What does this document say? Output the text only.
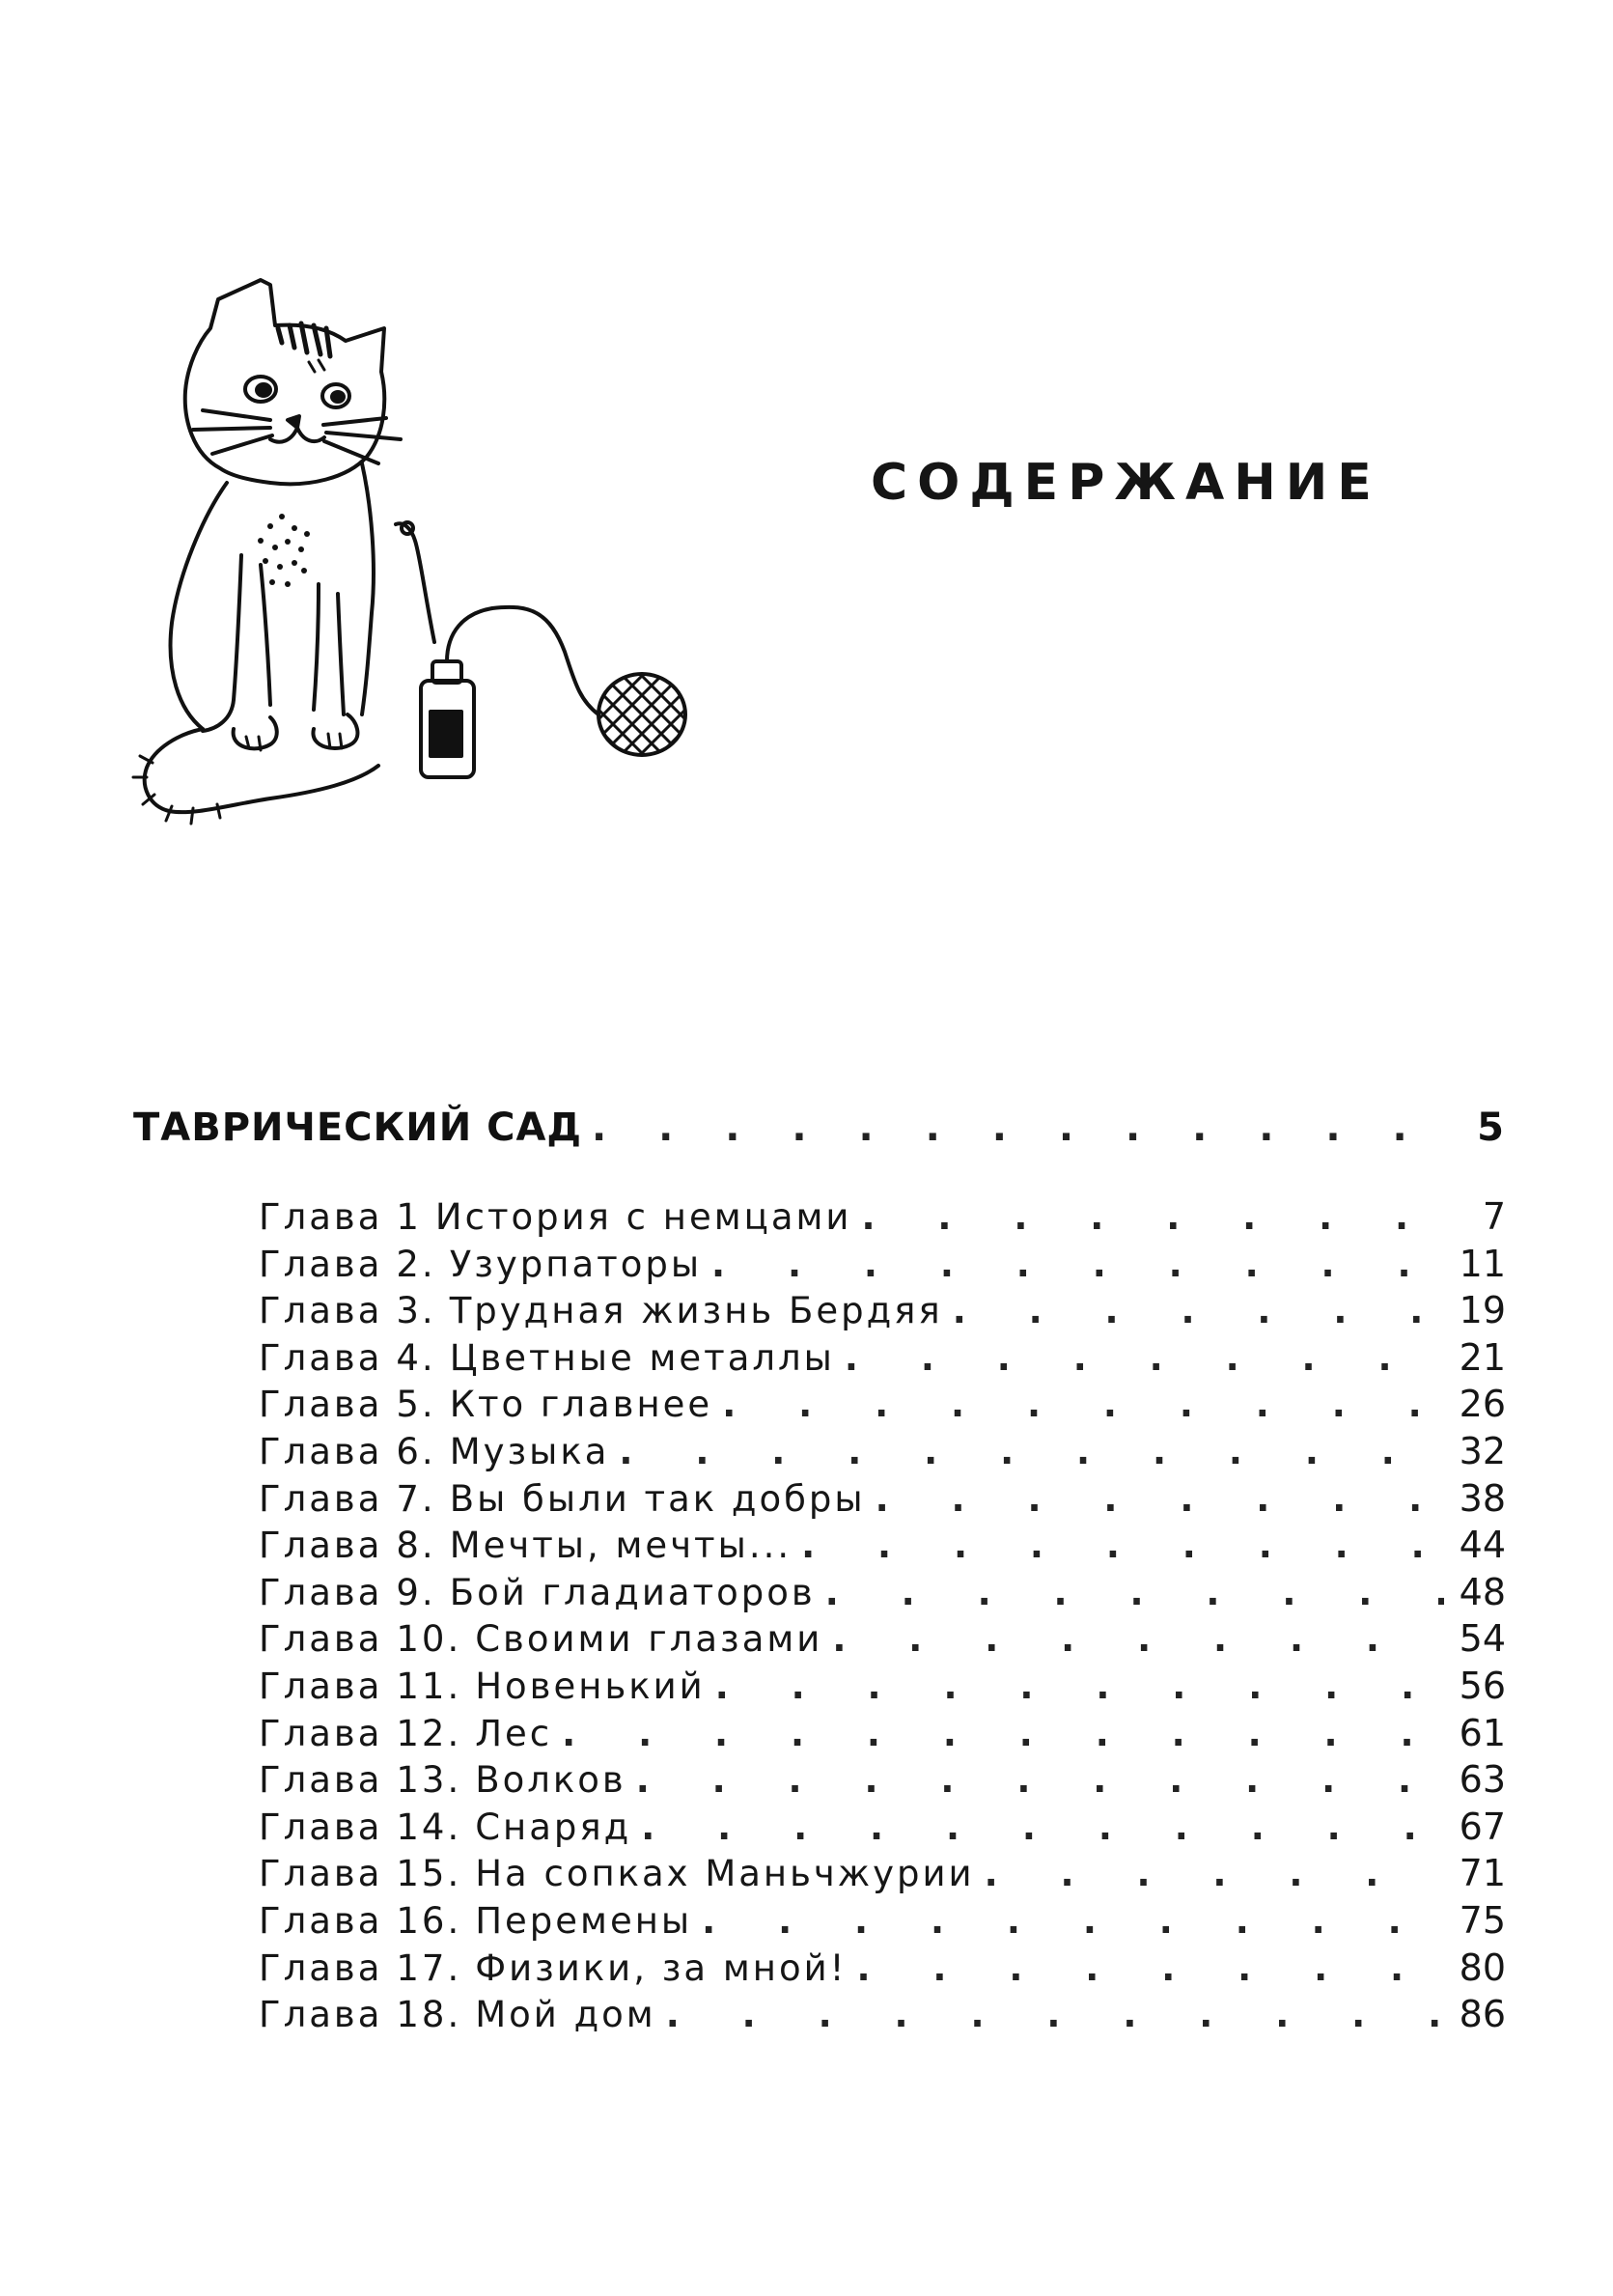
СОДЕРЖАНИЕ
ТАВРИЧЕСКИЙ САД . . .	5
Глава 1 История с немцами . . .	7
Глава 2. Узурпаторы . . .	11
Глава 3. Трудная жизнь Бердяя . . .	19
Глава 4. Цветные металлы . . .	21
Глава 5. Кто главнее . . .	26
Глава 6. Музыка . . .	32
Глава 7. Вы были так добры . . .	38
Глава 8. Мечты, мечты... . . .	44
Глава 9. Бой гладиаторов . . .	48
Глава 10. Своими глазами . . .	54
Глава 11. Новенький . . .	56
Глава 12. Лес . . .	61
Глава 13. Волков . . .	63
Глава 14. Снаряд . . .	67
Глава 15. На сопках Маньчжурии . . .	71
Глава 16. Перемены . . .	75
Глава 17. Физики, за мной! . . .	80
Глава 18. Мой дом . . .	86
